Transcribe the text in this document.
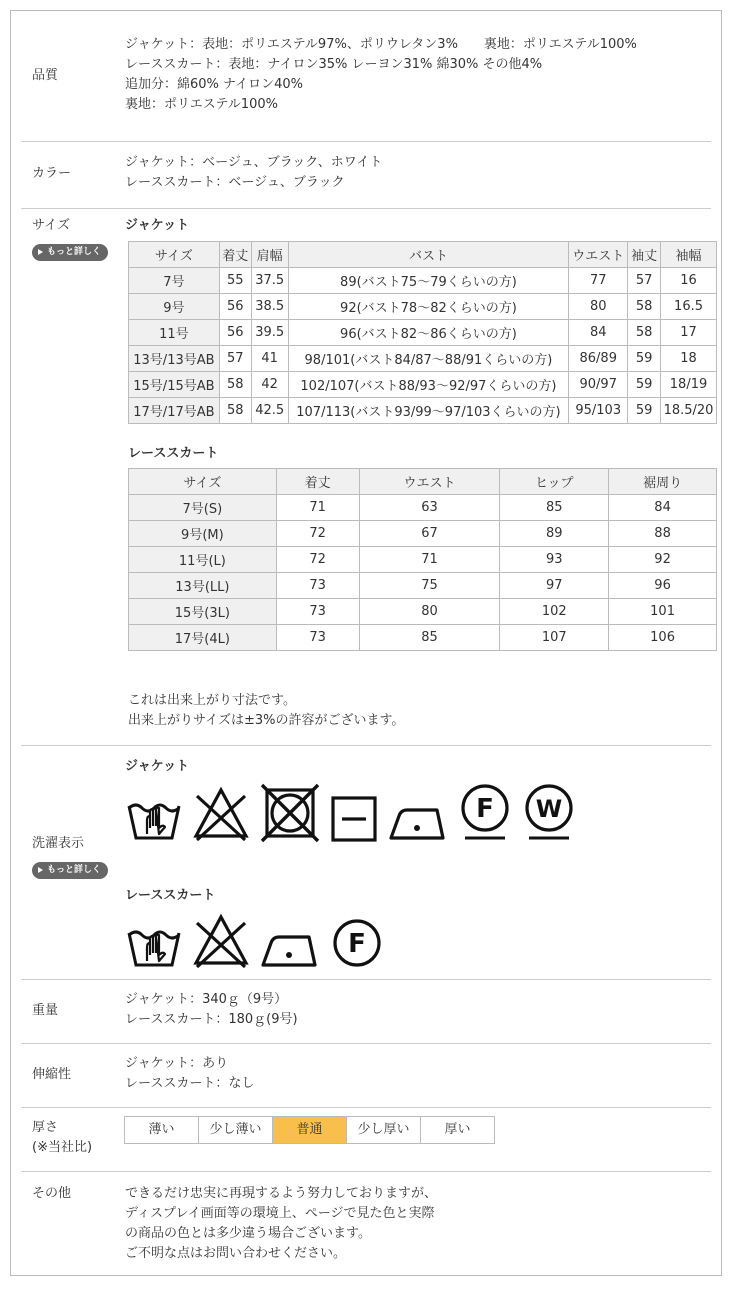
品質

ジャケット：表地：ポリエステル97%、ポリウレタン3%　　裏地：ポリエステル100%

レーススカート：表地：ナイロン35% レーヨン31% 綿30% その他4%

追加分：綿60% ナイロン40%

裏地：ポリエステル100%

カラー

ジャケット：ベージュ、ブラック、ホワイト

レーススカート：ベージュ、ブラック

サイズ
もっと詳しく
ジャケット
サイズ	着丈	肩幅	バスト	ウエスト	袖丈	袖幅
7号	55	37.5	89(バスト75～79くらいの方)	77	57	16
9号	56	38.5	92(バスト78～82くらいの方)	80	58	16.5
11号	56	39.5	96(バスト82～86くらいの方)	84	58	17
13号/13号AB	57	41	98/101(バスト84/87～88/91くらいの方)	86/89	59	18
15号/15号AB	58	42	102/107(バスト88/93～92/97くらいの方)	90/97	59	18/19
17号/17号AB	58	42.5	107/113(バスト93/99～97/103くらいの方)	95/103	59	18.5/20
レーススカート
サイズ	着丈	ウエスト	ヒップ	裾周り
7号(S)	71	63	85	84
9号(M)	72	67	89	88
11号(L)	72	71	93	92
13号(LL)	73	75	97	96
15号(3L)	73	80	102	101
17号(4L)	73	85	107	106

これは出来上がり寸法です。

出来上がりサイズは±3%の許容がございます。

洗濯表示
もっと詳しく
ジャケット
F W
レーススカート
F
重量

ジャケット：340ｇ（9号）

レーススカート：180ｇ(9号)

伸縮性

ジャケット：あり

レーススカート：なし

厚さ
(※当社比)
薄い	少し薄い	普通	少し厚い	厚い
その他	できるだけ忠実に再現するよう努力しておりますが、

ディスプレイ画面等の環境上、ページで見た色と実際

の商品の色とは多少違う場合ございます。

ご不明な点はお問い合わせください。
